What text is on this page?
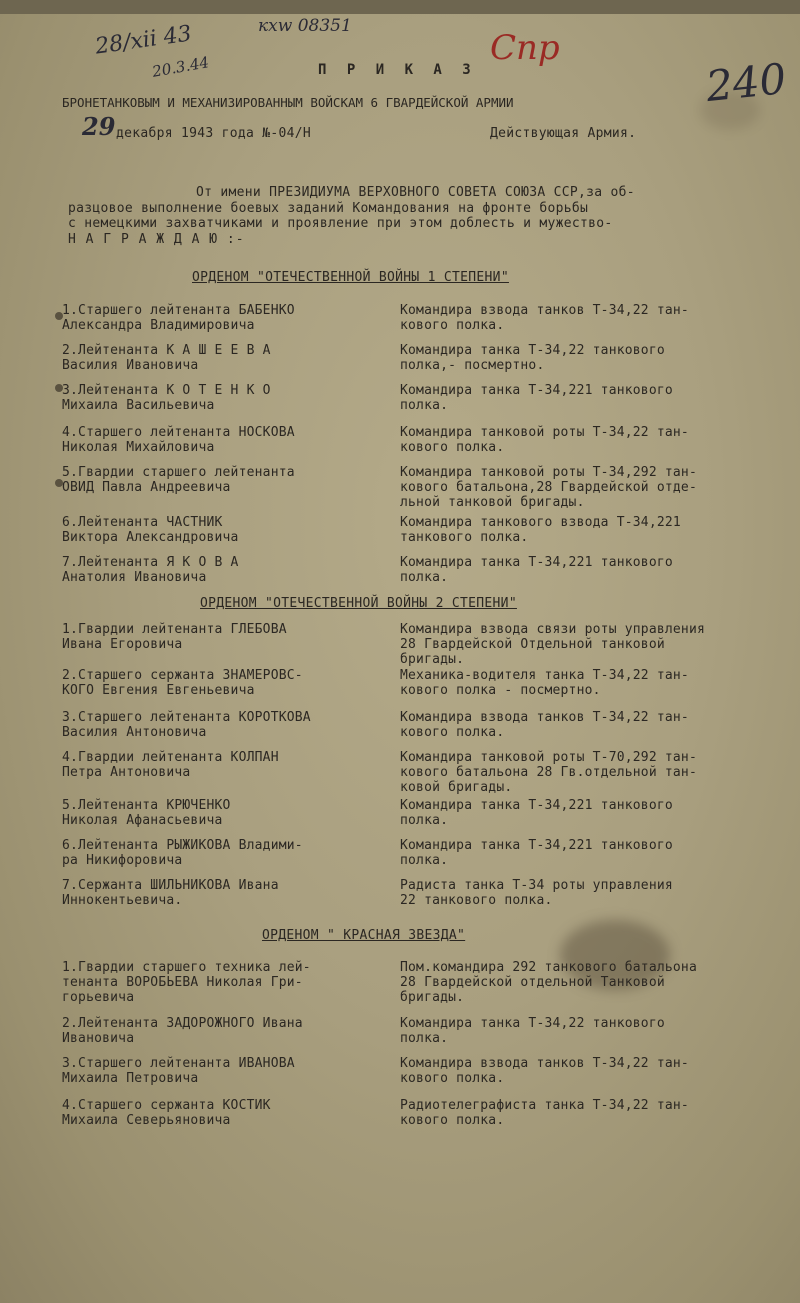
28/xii 43
20.3.44
кхw 08351
Спр
240
29
П Р И К А З
БРОНЕТАНКОВЫМ И МЕХАНИЗИРОВАННЫМ ВОЙСКАМ 6 ГВАРДЕЙСКОЙ АРМИИ
декабря 1943 года №-04/Н	Действующая Армия.
От имени ПРЕЗИДИУМА ВЕРХОВНОГО СОВЕТА СОЮЗА ССР,за об-
разцовое выполнение боевых заданий Командования на фронте борьбы
с немецкими захватчиками и проявление при этом доблесть и мужество-
Н А Г Р А Ж Д А Ю :-
ОРДЕНОМ "ОТЕЧЕСТВЕННОЙ ВОЙНЫ 1 СТЕПЕНИ"
1.Старшего лейтенанта БАБЕНКО
Александра Владимировича
Командира взвода танков Т-34,22 тан-
кового полка.
2.Лейтенанта К А Ш Е Е В А
Василия Ивановича
Командира танка Т-34,22 танкового
полка,- посмертно.
3.Лейтенанта К О Т Е Н К О
Михаила Васильевича
Командира танка Т-34,221 танкового
полка.
4.Старшего лейтенанта НОСКОВА
Николая Михайловича
Командира танковой роты Т-34,22 тан-
кового полка.
5.Гвардии старшего лейтенанта
ОВИД Павла Андреевича
Командира танковой роты Т-34,292 тан-
кового батальона,28 Гвардейской отде-
льной танковой бригады.
6.Лейтенанта ЧАСТНИК
Виктора Александровича
Командира танкового взвода Т-34,221
танкового полка.
7.Лейтенанта Я К О В А
Анатолия Ивановича
Командира танка Т-34,221 танкового
полка.
ОРДЕНОМ "ОТЕЧЕСТВЕННОЙ ВОЙНЫ 2 СТЕПЕНИ"
1.Гвардии лейтенанта ГЛЕБОВА
Ивана Егоровича
Командира взвода связи роты управления
28 Гвардейской Отдельной танковой
бригады.
2.Старшего сержанта ЗНАМЕРОВС-
КОГО Евгения Евгеньевича
Механика-водителя танка Т-34,22 тан-
кового полка - посмертно.
3.Старшего лейтенанта КОРОТКОВА
Василия Антоновича
Командира взвода танков Т-34,22 тан-
кового полка.
4.Гвардии лейтенанта КОЛПАН
Петра Антоновича
Командира танковой роты Т-70,292 тан-
кового батальона 28 Гв.отдельной тан-
ковой бригады.
5.Лейтенанта КРЮЧЕНКО
Николая Афанасьевича
Командира танка Т-34,221 танкового
полка.
6.Лейтенанта РЫЖИКОВА Владими-
ра Никифоровича
Командира танка Т-34,221 танкового
полка.
7.Сержанта ШИЛЬНИКОВА Ивана
Иннокентьевича.
Радиста танка Т-34 роты управления
22 танкового полка.
ОРДЕНОМ " КРАСНАЯ ЗВЕЗДА"
1.Гвардии старшего техника лей-
тенанта ВОРОБЬЕВА Николая Гри-
горьевича
Пом.командира 292 танкового батальона
28 Гвардейской отдельной Танковой
бригады.
2.Лейтенанта ЗАДОРОЖНОГО Ивана
Ивановича
Командира танка Т-34,22 танкового
полка.
3.Старшего лейтенанта ИВАНОВА
Михаила Петровича
Командира взвода танков Т-34,22 тан-
кового полка.
4.Старшего сержанта КОСТИК
Михаила Северьяновича
Радиотелеграфиста танка Т-34,22 тан-
кового полка.
